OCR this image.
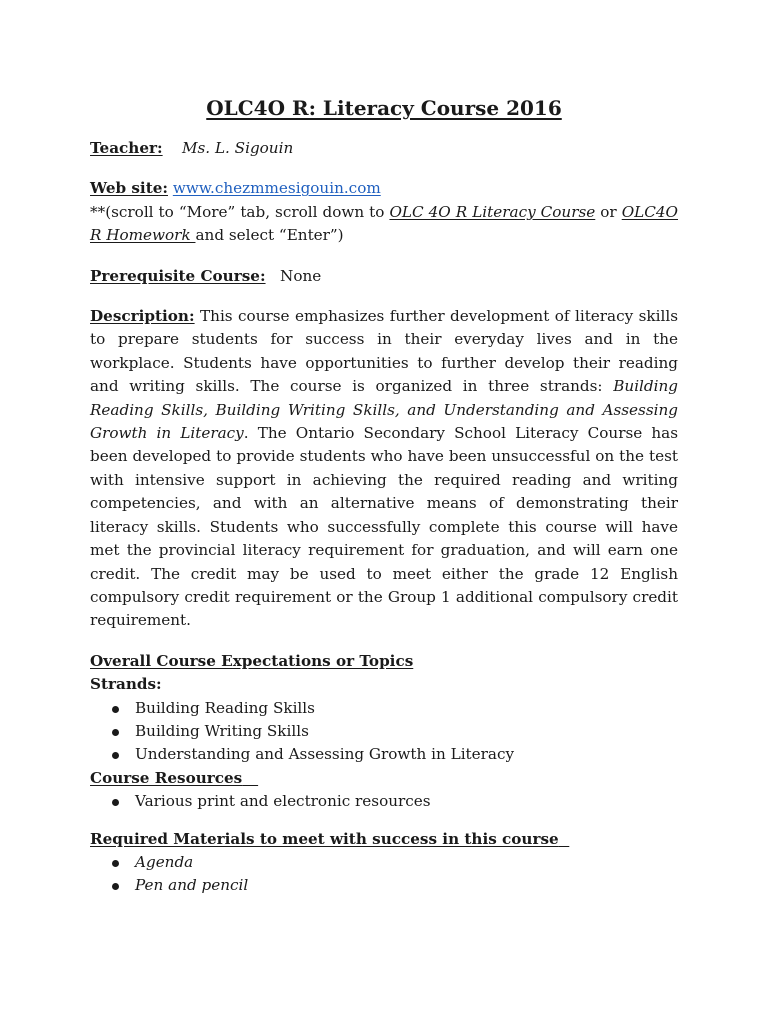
OLC4O R: Literacy Course 2016

Teacher: Ms. L. Sigouin

Web site: www.chezmmesigouin.com

**(scroll to “More” tab, scroll down to OLC 4O R Literacy Course or OLC4O R Homework and select “Enter”)

Prerequisite Course: None

Description: This course emphasizes further development of literacy skills to prepare students for success in their everyday lives and in the workplace. Students have opportunities to further develop their reading and writing skills. The course is organized in three strands: Building Reading Skills, Building Writing Skills, and Understanding and Assessing Growth in Literacy. The Ontario Secondary School Literacy Course has been developed to provide students who have been unsuccessful on the test with intensive support in achieving the required reading and writing competencies, and with an alternative means of demonstrating their literacy skills. Students who successfully complete this course will have met the provincial literacy requirement for graduation, and will earn one credit. The credit may be used to meet either the grade 12 English compulsory credit requirement or the Group 1 additional compulsory credit requirement.

Overall Course Expectations or Topics

Strands:

Building Reading Skills
Building Writing Skills
Understanding and Assessing Growth in Literacy

Course Resources

Various print and electronic resources

Required Materials to meet with success in this course

Agenda
Pen and pencil
